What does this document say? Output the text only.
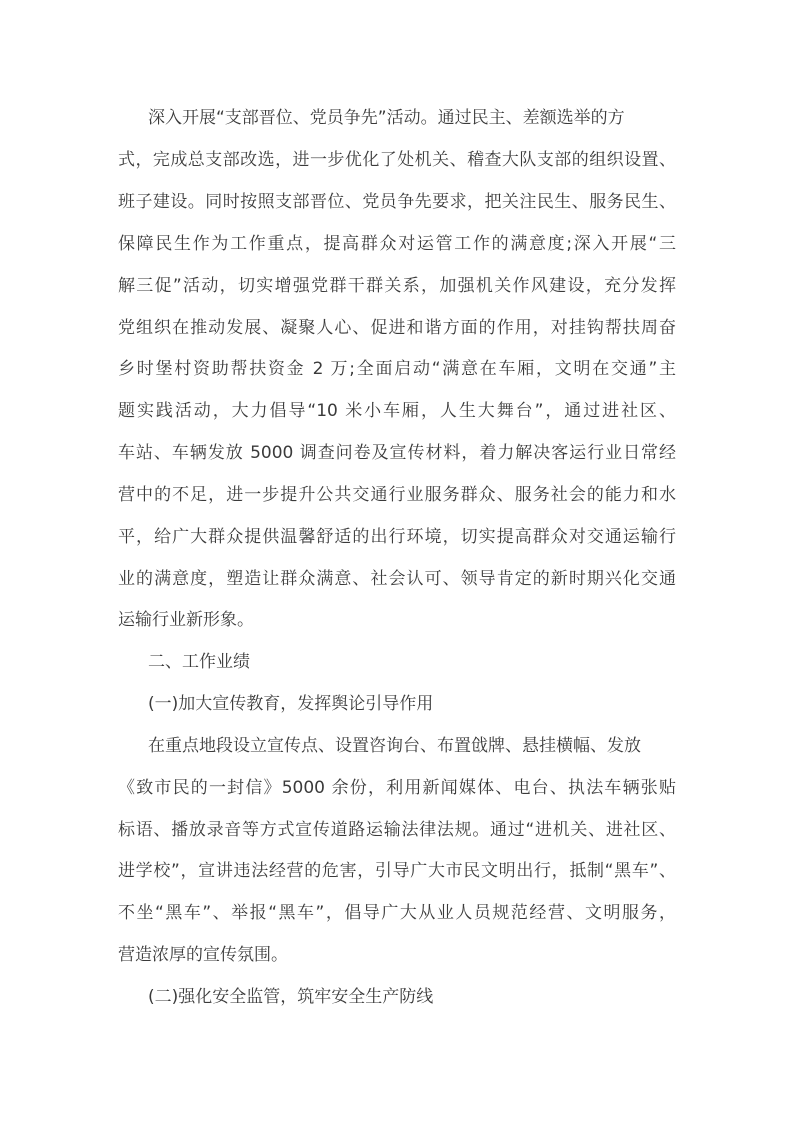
深入开展“支部晋位、党员争先”活动。通过民主、差额选举的方
式，完成总支部改选，进一步优化了处机关、稽查大队支部的组织设置、
班子建设。同时按照支部晋位、党员争先要求，把关注民生、服务民生、
保障民生作为工作重点，提高群众对运管工作的满意度;深入开展“三
解三促”活动，切实增强党群干群关系，加强机关作风建设，充分发挥
党组织在推动发展、凝聚人心、促进和谐方面的作用，对挂钩帮扶周奋
乡时堡村资助帮扶资金 2 万;全面启动“满意在车厢，文明在交通”主
题实践活动，大力倡导“10 米小车厢，人生大舞台”，通过进社区、
车站、车辆发放 5000 调查问卷及宣传材料，着力解决客运行业日常经
营中的不足，进一步提升公共交通行业服务群众、服务社会的能力和水
平，给广大群众提供温馨舒适的出行环境，切实提高群众对交通运输行
业的满意度，塑造让群众满意、社会认可、领导肯定的新时期兴化交通
运输行业新形象。
二、工作业绩
(一)加大宣传教育，发挥舆论引导作用
在重点地段设立宣传点、设置咨询台、布置戗牌、悬挂横幅、发放
《致市民的一封信》5000 余份，利用新闻媒体、电台、执法车辆张贴
标语、播放录音等方式宣传道路运输法律法规。通过“进机关、进社区、
进学校”，宣讲违法经营的危害，引导广大市民文明出行，抵制“黑车”、
不坐“黑车”、举报“黑车”，倡导广大从业人员规范经营、文明服务，
营造浓厚的宣传氛围。
(二)强化安全监管，筑牢安全生产防线
